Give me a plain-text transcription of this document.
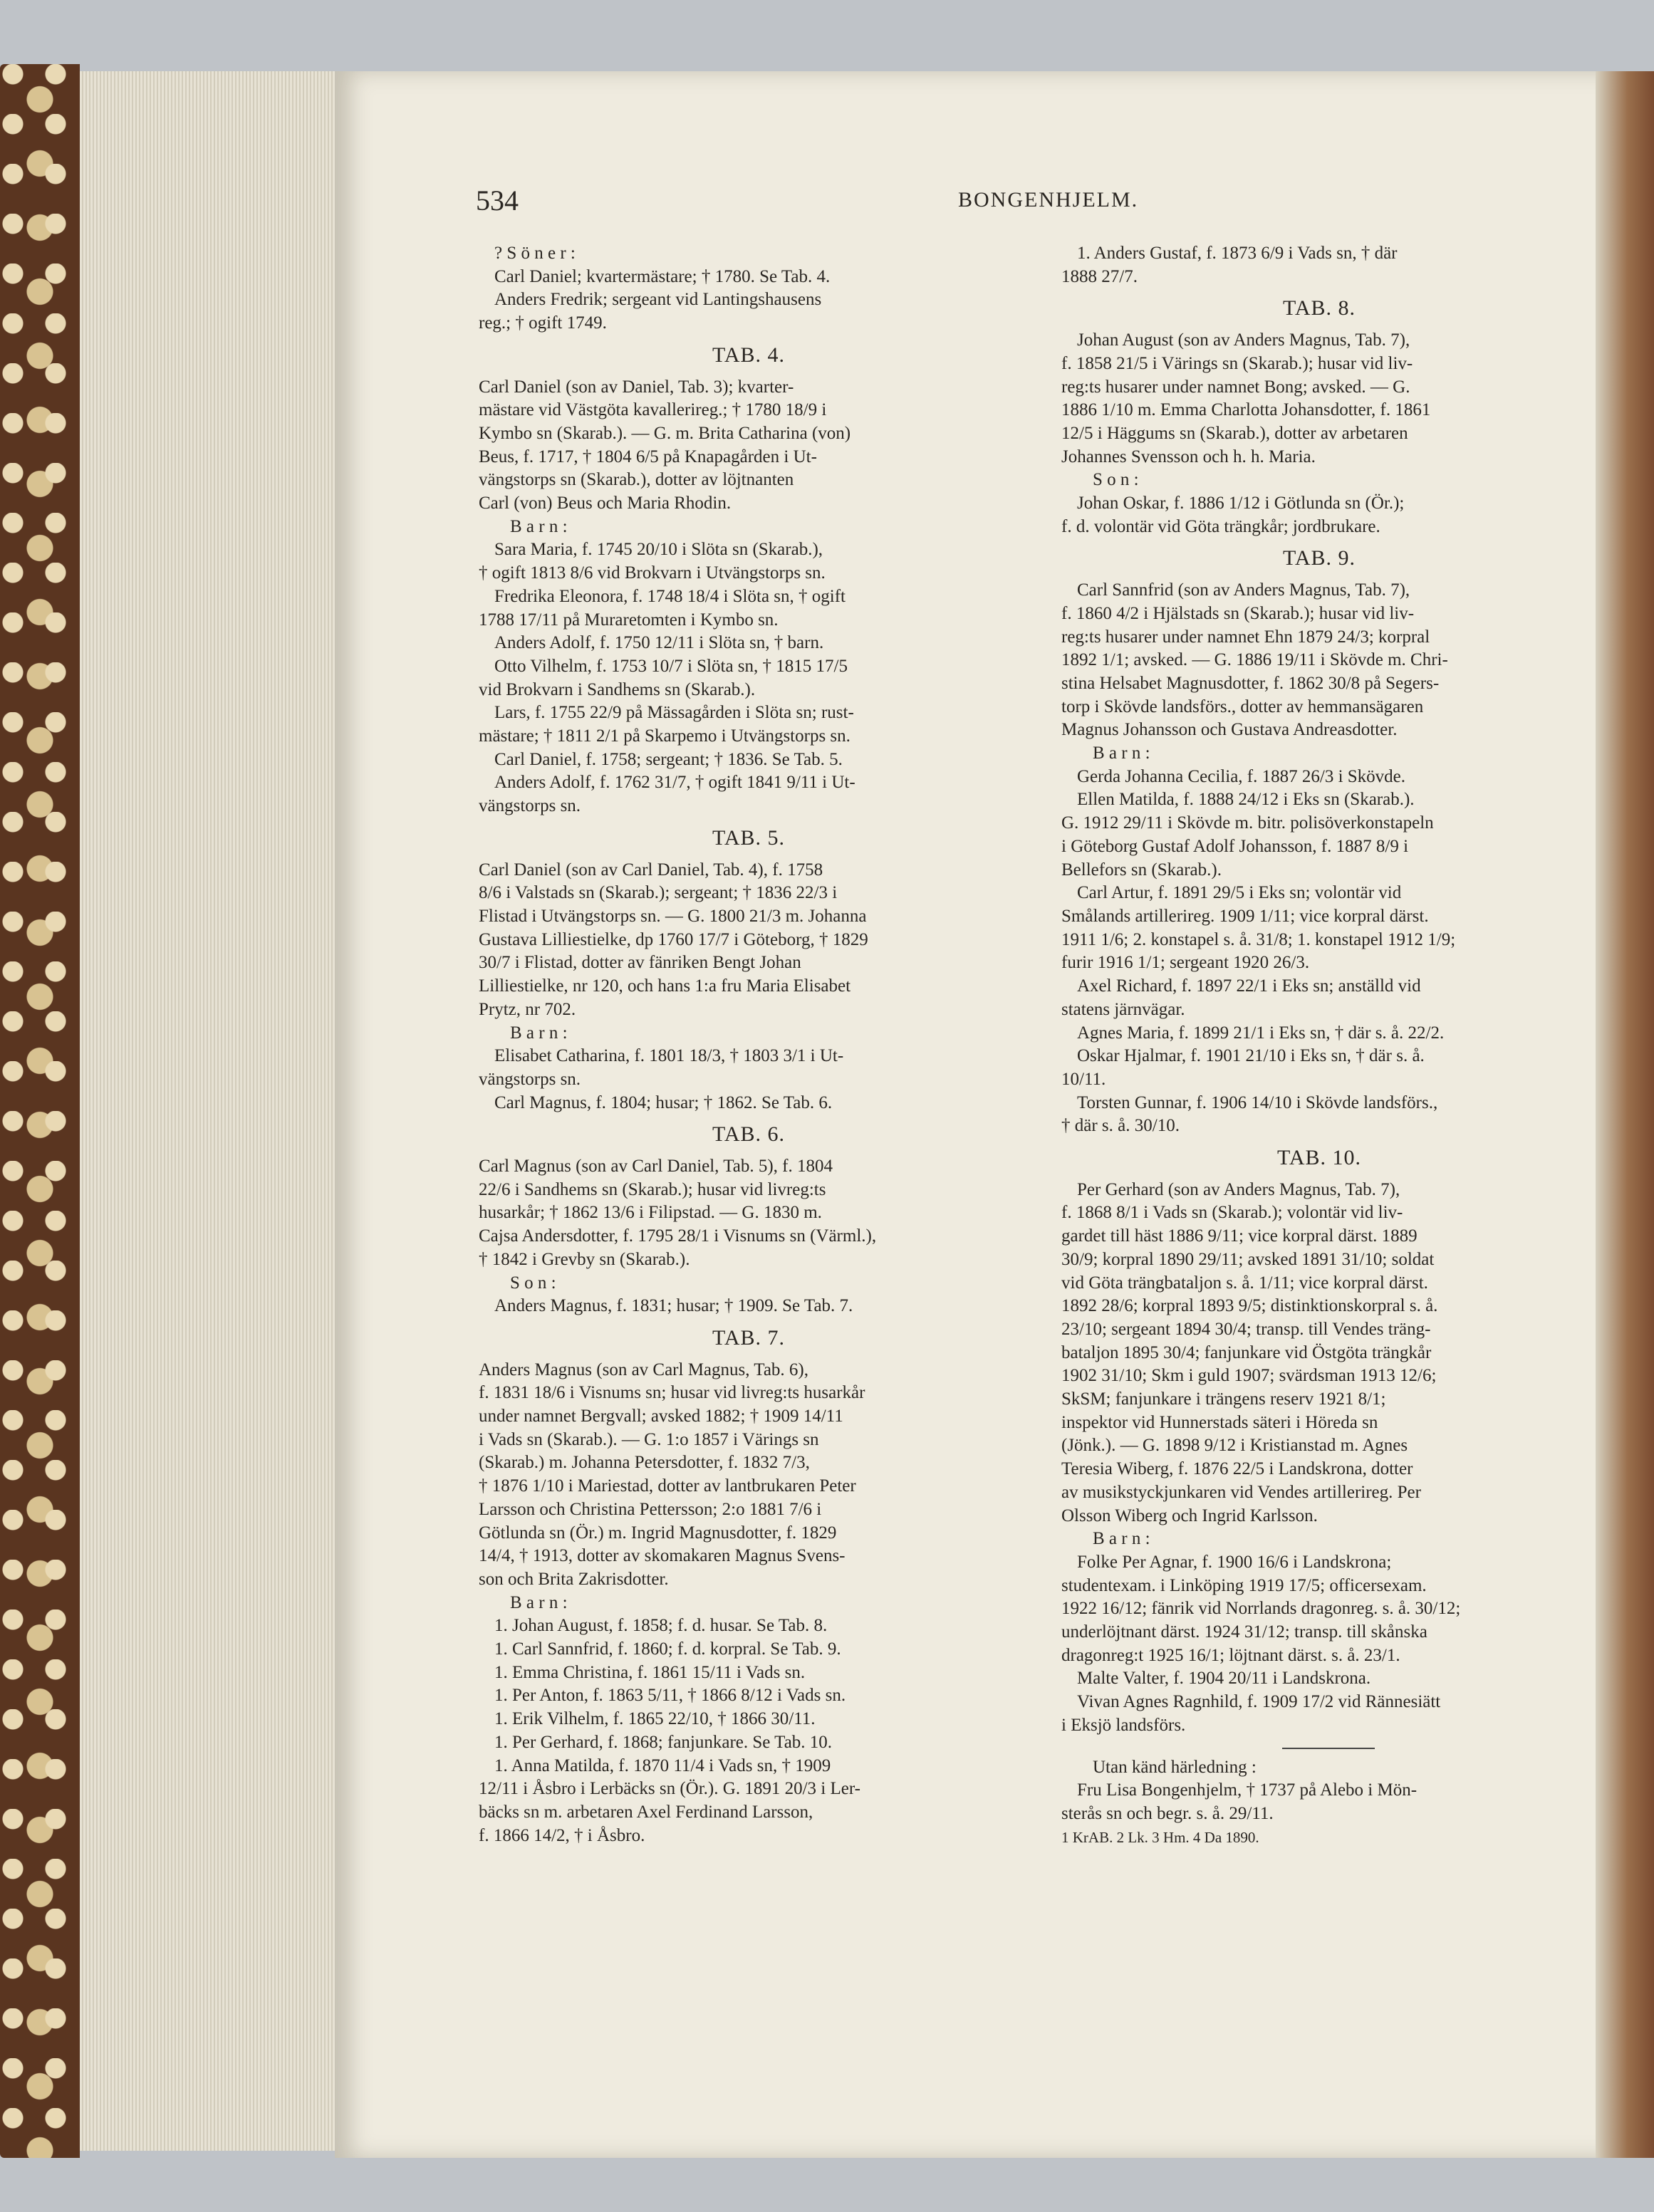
534	BONGENHJELM.

? S ö n e r :

Carl Daniel; kvartermästare; † 1780. Se Tab. 4.

Anders Fredrik; sergeant vid Lantingshausens

reg.; † ogift 1749.

TAB. 4.

Carl Daniel (son av Daniel, Tab. 3); kvarter-

mästare vid Västgöta kavallerireg.; † 1780 18/9 i

Kymbo sn (Skarab.). — G. m. Brita Catharina (von)

Beus, f. 1717, † 1804 6/5 på Knapagården i Ut-

vängstorps sn (Skarab.), dotter av löjtnanten

Carl (von) Beus och Maria Rhodin.

B a r n :

Sara Maria, f. 1745 20/10 i Slöta sn (Skarab.),

† ogift 1813 8/6 vid Brokvarn i Utvängstorps sn.

Fredrika Eleonora, f. 1748 18/4 i Slöta sn, † ogift

1788 17/11 på Muraretomten i Kymbo sn.

Anders Adolf, f. 1750 12/11 i Slöta sn, † barn.

Otto Vilhelm, f. 1753 10/7 i Slöta sn, † 1815 17/5

vid Brokvarn i Sandhems sn (Skarab.).

Lars, f. 1755 22/9 på Mässagården i Slöta sn; rust-

mästare; † 1811 2/1 på Skarpemo i Utvängstorps sn.

Carl Daniel, f. 1758; sergeant; † 1836. Se Tab. 5.

Anders Adolf, f. 1762 31/7, † ogift 1841 9/11 i Ut-

vängstorps sn.

TAB. 5.

Carl Daniel (son av Carl Daniel, Tab. 4), f. 1758

8/6 i Valstads sn (Skarab.); sergeant; † 1836 22/3 i

Flistad i Utvängstorps sn. — G. 1800 21/3 m. Johanna

Gustava Lilliestielke, dp 1760 17/7 i Göteborg, † 1829

30/7 i Flistad, dotter av fänriken Bengt Johan

Lilliestielke, nr 120, och hans 1:a fru Maria Elisabet

Prytz, nr 702.

B a r n :

Elisabet Catharina, f. 1801 18/3, † 1803 3/1 i Ut-

vängstorps sn.

Carl Magnus, f. 1804; husar; † 1862. Se Tab. 6.

TAB. 6.

Carl Magnus (son av Carl Daniel, Tab. 5), f. 1804

22/6 i Sandhems sn (Skarab.); husar vid livreg:ts

husarkår; † 1862 13/6 i Filipstad. — G. 1830 m.

Cajsa Andersdotter, f. 1795 28/1 i Visnums sn (Värml.),

† 1842 i Grevby sn (Skarab.).

S o n :

Anders Magnus, f. 1831; husar; † 1909. Se Tab. 7.

TAB. 7.

Anders Magnus (son av Carl Magnus, Tab. 6),

f. 1831 18/6 i Visnums sn; husar vid livreg:ts husarkår

under namnet Bergvall; avsked 1882; † 1909 14/11

i Vads sn (Skarab.). — G. 1:o 1857 i Värings sn

(Skarab.) m. Johanna Petersdotter, f. 1832 7/3,

† 1876 1/10 i Mariestad, dotter av lantbrukaren Peter

Larsson och Christina Pettersson; 2:o 1881 7/6 i

Götlunda sn (Ör.) m. Ingrid Magnusdotter, f. 1829

14/4, † 1913, dotter av skomakaren Magnus Svens-

son och Brita Zakrisdotter.

B a r n :

1. Johan August, f. 1858; f. d. husar. Se Tab. 8.

1. Carl Sannfrid, f. 1860; f. d. korpral. Se Tab. 9.

1. Emma Christina, f. 1861 15/11 i Vads sn.

1. Per Anton, f. 1863 5/11, † 1866 8/12 i Vads sn.

1. Erik Vilhelm, f. 1865 22/10, † 1866 30/11.

1. Per Gerhard, f. 1868; fanjunkare. Se Tab. 10.

1. Anna Matilda, f. 1870 11/4 i Vads sn, † 1909

12/11 i Åsbro i Lerbäcks sn (Ör.). G. 1891 20/3 i Ler-

bäcks sn m. arbetaren Axel Ferdinand Larsson,

f. 1866 14/2, † i Åsbro.

1. Anders Gustaf, f. 1873 6/9 i Vads sn, † där

1888 27/7.

TAB. 8.

Johan August (son av Anders Magnus, Tab. 7),

f. 1858 21/5 i Värings sn (Skarab.); husar vid liv-

reg:ts husarer under namnet Bong; avsked. — G.

1886 1/10 m. Emma Charlotta Johansdotter, f. 1861

12/5 i Häggums sn (Skarab.), dotter av arbetaren

Johannes Svensson och h. h. Maria.

S o n :

Johan Oskar, f. 1886 1/12 i Götlunda sn (Ör.);

f. d. volontär vid Göta trängkår; jordbrukare.

TAB. 9.

Carl Sannfrid (son av Anders Magnus, Tab. 7),

f. 1860 4/2 i Hjälstads sn (Skarab.); husar vid liv-

reg:ts husarer under namnet Ehn 1879 24/3; korpral

1892 1/1; avsked. — G. 1886 19/11 i Skövde m. Chri-

stina Helsabet Magnusdotter, f. 1862 30/8 på Segers-

torp i Skövde landsförs., dotter av hemmansägaren

Magnus Johansson och Gustava Andreasdotter.

B a r n :

Gerda Johanna Cecilia, f. 1887 26/3 i Skövde.

Ellen Matilda, f. 1888 24/12 i Eks sn (Skarab.).

G. 1912 29/11 i Skövde m. bitr. polisöverkonstapeln

i Göteborg Gustaf Adolf Johansson, f. 1887 8/9 i

Bellefors sn (Skarab.).

Carl Artur, f. 1891 29/5 i Eks sn; volontär vid

Smålands artillerireg. 1909 1/11; vice korpral därst.

1911 1/6; 2. konstapel s. å. 31/8; 1. konstapel 1912 1/9;

furir 1916 1/1; sergeant 1920 26/3.

Axel Richard, f. 1897 22/1 i Eks sn; anställd vid

statens järnvägar.

Agnes Maria, f. 1899 21/1 i Eks sn, † där s. å. 22/2.

Oskar Hjalmar, f. 1901 21/10 i Eks sn, † där s. å.

10/11.

Torsten Gunnar, f. 1906 14/10 i Skövde landsförs.,

† där s. å. 30/10.

TAB. 10.

Per Gerhard (son av Anders Magnus, Tab. 7),

f. 1868 8/1 i Vads sn (Skarab.); volontär vid liv-

gardet till häst 1886 9/11; vice korpral därst. 1889

30/9; korpral 1890 29/11; avsked 1891 31/10; soldat

vid Göta trängbataljon s. å. 1/11; vice korpral därst.

1892 28/6; korpral 1893 9/5; distinktionskorpral s. å.

23/10; sergeant 1894 30/4; transp. till Vendes träng-

bataljon 1895 30/4; fanjunkare vid Östgöta trängkår

1902 31/10; Skm i guld 1907; svärdsman 1913 12/6;

SkSM; fanjunkare i trängens reserv 1921 8/1;

inspektor vid Hunnerstads säteri i Höreda sn

(Jönk.). — G. 1898 9/12 i Kristianstad m. Agnes

Teresia Wiberg, f. 1876 22/5 i Landskrona, dotter

av musikstyckjunkaren vid Vendes artillerireg. Per

Olsson Wiberg och Ingrid Karlsson.

B a r n :

Folke Per Agnar, f. 1900 16/6 i Landskrona;

studentexam. i Linköping 1919 17/5; officersexam.

1922 16/12; fänrik vid Norrlands dragonreg. s. å. 30/12;

underlöjtnant därst. 1924 31/12; transp. till skånska

dragonreg:t 1925 16/1; löjtnant därst. s. å. 23/1.

Malte Valter, f. 1904 20/11 i Landskrona.

Vivan Agnes Ragnhild, f. 1909 17/2 vid Rännesiätt

i Eksjö landsförs.

Utan känd härledning :

Fru Lisa Bongenhjelm, † 1737 på Alebo i Mön-

sterås sn och begr. s. å. 29/11.

1 KrAB. 2 Lk. 3 Hm. 4 Da 1890.
